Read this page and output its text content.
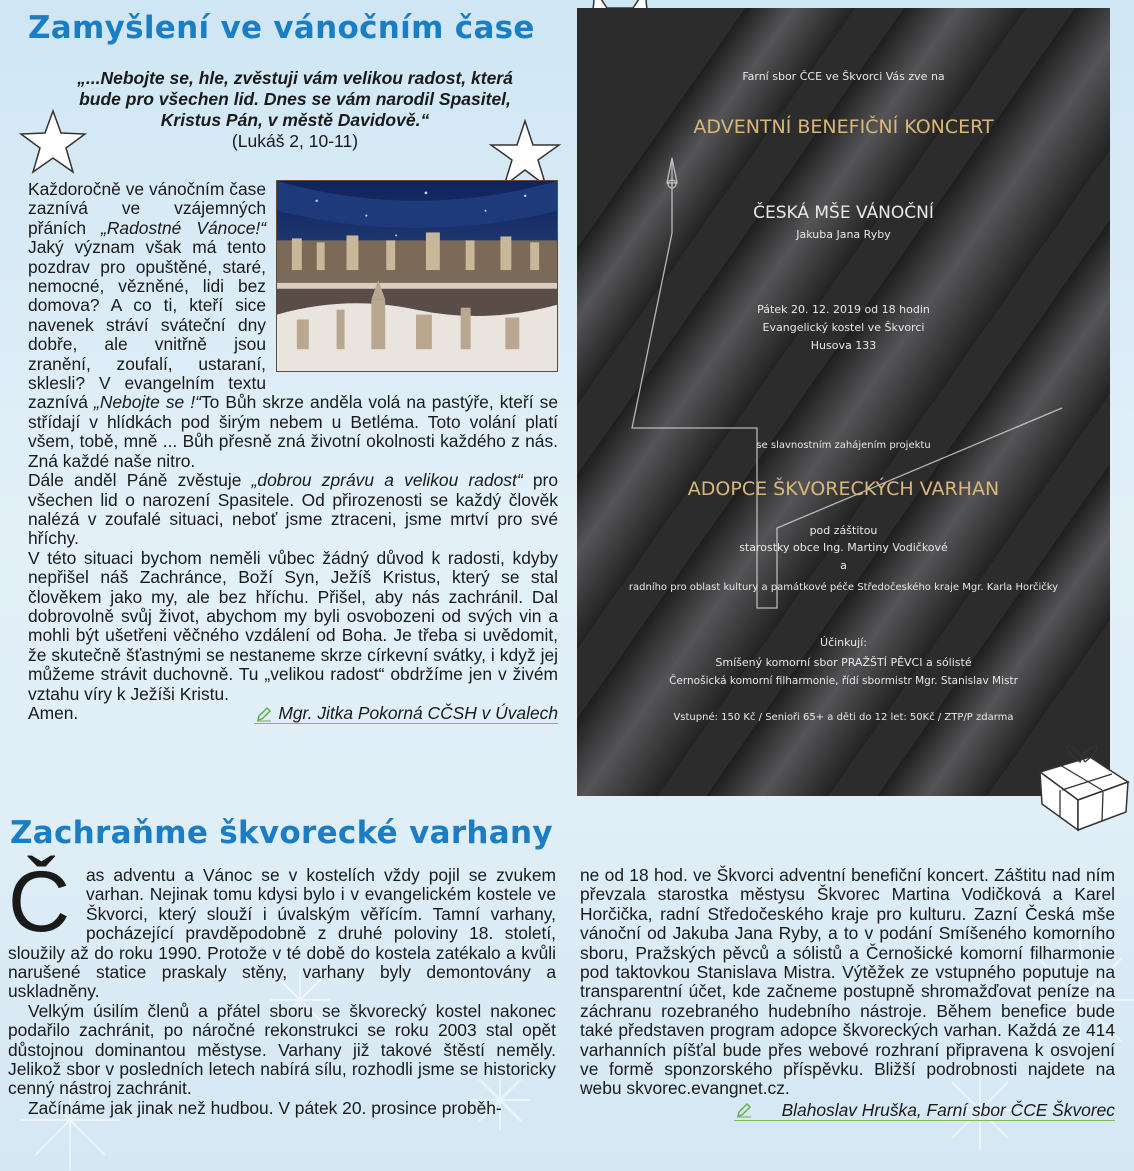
Zamyšlení ve vánočním čase
„...Nebojte se, hle, zvěstuji vám velikou radost, která
bude pro všechen lid. Dnes se vám narodil Spasitel,
Kristus Pán, v městě Davidově.“
(Lukáš 2, 10-11)

Každoročně ve vánočním čase zaznívá ve vzájemných přáních „Radostné Vánoce!“ Jaký význam však má tento pozdrav pro opuštěné, staré, nemocné, vězněné, lidi bez domova? A co ti, kteří sice navenek stráví sváteční dny dobře, ale vnitřně jsou zranění, zoufalí, ustaraní, sklesli? V evangelním textu zaznívá „Nebojte se !“To Bůh skrze anděla volá na pastýře, kteří se střídají v hlídkách pod širým nebem u Betléma. Toto volání platí všem, tobě, mně ... Bůh přesně zná životní okolnosti každého z nás. Zná každé naše nitro.

Dále anděl Páně zvěstuje „dobrou zprávu a velikou radost“ pro všechen lid o narození Spasitele. Od přirozenosti se každý člověk nalézá v zoufalé situaci, neboť jsme ztraceni, jsme mrtví pro své hříchy.

V této situaci bychom neměli vůbec žádný důvod k radosti, kdyby nepřišel náš Zachránce, Boží Syn, Ježíš Kristus, který se stal člověkem jako my, ale bez hříchu. Přišel, aby nás zachránil. Dal dobrovolně svůj život, abychom my byli osvobozeni od svých vin a mohli být ušetřeni věčného vzdálení od Boha. Je třeba si uvědomit, že skutečně šťastnými se nestaneme skrze církevní svátky, i když jej můžeme strávit duchovně. Tu „velikou radost“ obdržíme jen v živém vztahu víry k Ježíši Kristu.

Amen.	Mgr. Jitka Pokorná CČSH v Úvalech
Farní sbor ČCE ve Škvorci Vás zve na
ADVENTNÍ BENEFIČNÍ KONCERT
ČESKÁ MŠE VÁNOČNÍ
Jakuba Jana Ryby
Pátek 20. 12. 2019 od 18 hodin
Evangelický kostel ve Škvorci
Husova 133
se slavnostním zahájením projektu
ADOPCE ŠKVORECKÝCH VARHAN
pod záštitou
starostky obce Ing. Martiny Vodičkové
a
radního pro oblast kultury a památkové péče Středočeského kraje Mgr. Karla Horčičky
Účinkují:
Smíšený komorní sbor PRAŽŠTÍ PĚVCI a sólisté
Černošická komorní filharmonie, řídí sbormistr Mgr. Stanislav Mistr
Vstupné: 150 Kč / Senioři 65+ a děti do 12 let: 50Kč / ZTP/P zdarma
Zachraňme škvorecké varhany
Č as adventu a Vánoc se v kostelích vždy pojil se zvukem varhan. Nejinak tomu kdysi bylo i v evangelickém kostele ve Škvorci, který slouží i úvalským věřícím. Tamní varhany, pocházející pravděpodobně z druhé poloviny 18. století, sloužily až do roku 1990. Protože v té době do kostela zatékalo a kvůli narušené statice praskaly stěny, varhany byly demontovány a uskladněny.

Velkým úsilím členů a přátel sboru se škvorecký kostel nakonec podařilo zachránit, po náročné rekonstrukci se roku 2003 stal opět důstojnou dominantou městyse. Varhany již takové štěstí neměly. Jelikož sbor v posledních letech nabírá sílu, rozhodli jsme se historicky cenný nástroj zachránit.

Začínáme jak jinak než hudbou. V pátek 20. prosince proběh-

ne od 18 hod. ve Škvorci adventní benefiční koncert. Záštitu nad ním převzala starostka městysu Škvorec Martina Vodičková a Karel Horčička, radní Středočeského kraje pro kulturu. Zazní Česká mše vánoční od Jakuba Jana Ryby, a to v podání Smíšeného komorního sboru, Pražských pěvců a sólistů a Černošické komorní filharmonie pod taktovkou Stanislava Mistra. Výtěžek ze vstupného poputuje na transparentní účet, kde začneme postupně shromažďovat peníze na záchranu rozebraného hudebního nástroje. Během benefice bude také představen program adopce škvoreckých varhan. Každá ze 414 varhanních píšťal bude přes webové rozhraní připravena k osvojení ve formě sponzorského příspěvku. Bližší podrobnosti najdete na webu skvorec.evangnet.cz.

Blahoslav Hruška, Farní sbor ČCE Škvorec
